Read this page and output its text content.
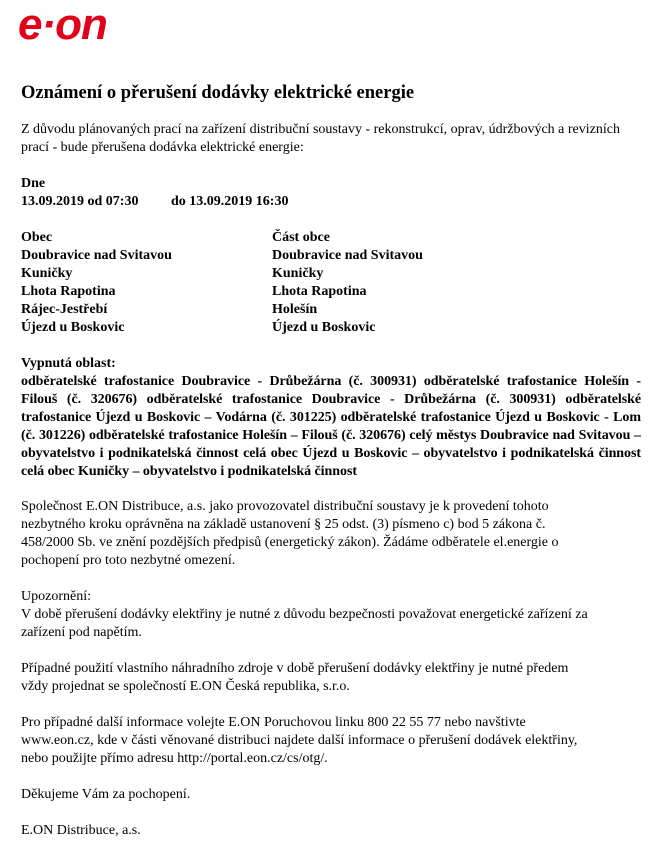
e·on
Oznámení o přerušení dodávky elektrické energie

Z důvodu plánovaných prací na zařízení distribuční soustavy - rekonstrukcí, oprav, údržbových a revizních prací - bude přerušena dodávka elektrické energie:

Dne
13.09.2019 od 07:30 do 13.09.2019 16:30
Obec
Doubravice nad Svitavou
Kuničky
Lhota Rapotina
Rájec-Jestřebí
Újezd u Boskovic
Část obce
Doubravice nad Svitavou
Kuničky
Lhota Rapotina
Holešín
Újezd u Boskovic
Vypnutá oblast:
odběratelské trafostanice Doubravice - Drůbežárna (č. 300931) odběratelské trafostanice Holešín - Filouš (č. 320676) odběratelské trafostanice Doubravice - Drůbežárna (č. 300931) odběratelské trafostanice Újezd u Boskovic – Vodárna (č. 301225) odběratelské trafostanice Újezd u Boskovic - Lom (č. 301226) odběratelské trafostanice Holešín – Filouš (č. 320676) celý městys Doubravice nad Svitavou – obyvatelstvo i podnikatelská činnost celá obec Újezd u Boskovic – obyvatelstvo i podnikatelská činnost celá obec Kuničky – obyvatelstvo i podnikatelská činnost

Společnost E.ON Distribuce, a.s. jako provozovatel distribuční soustavy je k provedení tohoto nezbytného kroku oprávněna na základě ustanovení § 25 odst. (3) písmeno c) bod 5 zákona č. 458/2000 Sb. ve znění pozdějších předpisů (energetický zákon). Žádáme odběratele el.energie o pochopení pro toto nezbytné omezení.

Upozornění:
V době přerušení dodávky elektřiny je nutné z důvodu bezpečnosti považovat energetické zařízení za zařízení pod napětím.

Případné použití vlastního náhradního zdroje v době přerušení dodávky elektřiny je nutné předem vždy projednat se společností E.ON Česká republika, s.r.o.

Pro případné další informace volejte E.ON Poruchovou linku 800 22 55 77 nebo navštivte www.eon.cz, kde v části věnované distribuci najdete další informace o přerušení dodávek elektřiny, nebo použijte přímo adresu http://portal.eon.cz/cs/otg/.

Děkujeme Vám za pochopení.

E.ON Distribuce, a.s.
